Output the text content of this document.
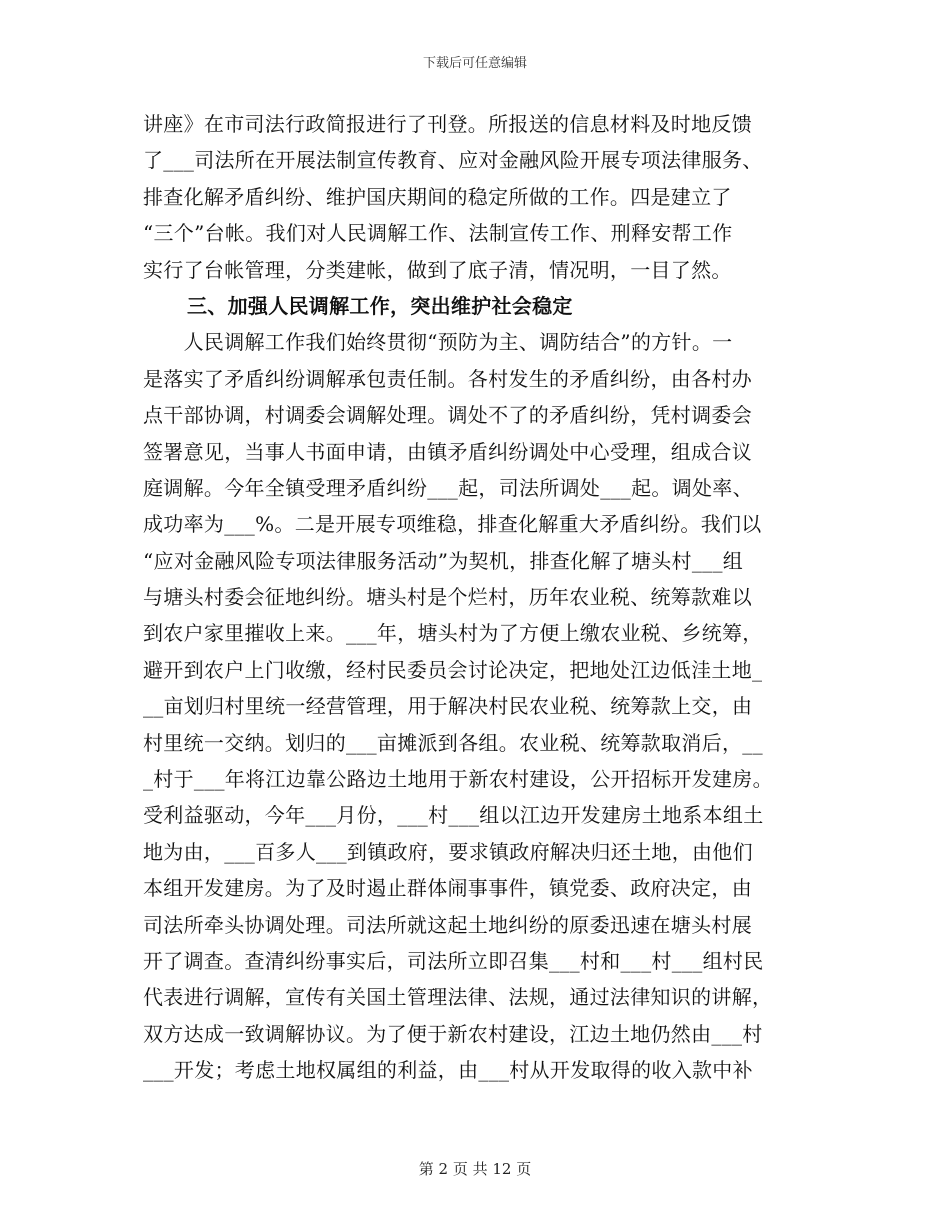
下载后可任意编辑
讲座》在市司法行政简报进行了刊登。所报送的信息材料及时地反馈
了___司法所在开展法制宣传教育、应对金融风险开展专项法律服务、
排查化解矛盾纠纷、维护国庆期间的稳定所做的工作。四是建立了
“三个”台帐。我们对人民调解工作、法制宣传工作、刑释安帮工作
实行了台帐管理，分类建帐，做到了底子清，情况明，一目了然。
三、加强人民调解工作，突出维护社会稳定
　　人民调解工作我们始终贯彻“预防为主、调防结合”的方针。一
是落实了矛盾纠纷调解承包责任制。各村发生的矛盾纠纷，由各村办
点干部协调，村调委会调解处理。调处不了的矛盾纠纷，凭村调委会
签署意见，当事人书面申请，由镇矛盾纠纷调处中心受理，组成合议
庭调解。今年全镇受理矛盾纠纷___起，司法所调处___起。调处率、
成功率为___%。二是开展专项维稳，排查化解重大矛盾纠纷。我们以
“应对金融风险专项法律服务活动”为契机，排查化解了塘头村___组
与塘头村委会征地纠纷。塘头村是个烂村，历年农业税、统筹款难以
到农户家里摧收上来。___年，塘头村为了方便上缴农业税、乡统筹，
避开到农户上门收缴，经村民委员会讨论决定，把地处江边低洼土地_
__亩划归村里统一经营管理，用于解决村民农业税、统筹款上交，由
村里统一交纳。划归的___亩摊派到各组。农业税、统筹款取消后，__
_村于___年将江边靠公路边土地用于新农村建设，公开招标开发建房。
受利益驱动，今年___月份，___村___组以江边开发建房土地系本组土
地为由，___百多人___到镇政府，要求镇政府解决归还土地，由他们
本组开发建房。为了及时遏止群体闹事事件，镇党委、政府决定，由
司法所牵头协调处理。司法所就这起土地纠纷的原委迅速在塘头村展
开了调查。查清纠纷事实后，司法所立即召集___村和___村___组村民
代表进行调解，宣传有关国土管理法律、法规，通过法律知识的讲解，
双方达成一致调解协议。为了便于新农村建设，江边土地仍然由___村
___开发；考虑土地权属组的利益，由___村从开发取得的收入款中补
第 2 页 共 12 页
